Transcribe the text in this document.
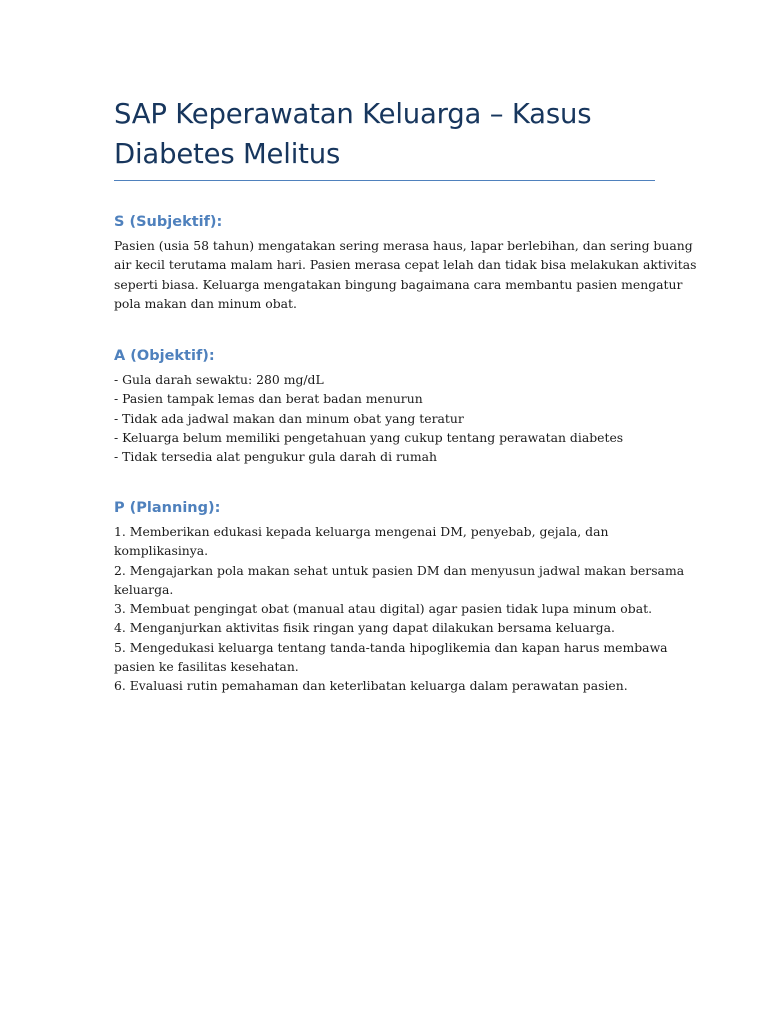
SAP Keperawatan Keluarga – Kasus
Diabetes Melitus
S (Subjektif):

Pasien (usia 58 tahun) mengatakan sering merasa haus, lapar berlebihan, dan sering buang
air kecil terutama malam hari. Pasien merasa cepat lelah dan tidak bisa melakukan aktivitas
seperti biasa. Keluarga mengatakan bingung bagaimana cara membantu pasien mengatur
pola makan dan minum obat.

A (Objektif):
- Gula darah sewaktu: 280 mg/dL
- Pasien tampak lemas dan berat badan menurun
- Tidak ada jadwal makan dan minum obat yang teratur
- Keluarga belum memiliki pengetahuan yang cukup tentang perawatan diabetes
- Tidak tersedia alat pengukur gula darah di rumah
P (Planning):
1. Memberikan edukasi kepada keluarga mengenai DM, penyebab, gejala, dan
komplikasinya.
2. Mengajarkan pola makan sehat untuk pasien DM dan menyusun jadwal makan bersama
keluarga.
3. Membuat pengingat obat (manual atau digital) agar pasien tidak lupa minum obat.
4. Menganjurkan aktivitas fisik ringan yang dapat dilakukan bersama keluarga.
5. Mengedukasi keluarga tentang tanda-tanda hipoglikemia dan kapan harus membawa
pasien ke fasilitas kesehatan.
6. Evaluasi rutin pemahaman dan keterlibatan keluarga dalam perawatan pasien.
